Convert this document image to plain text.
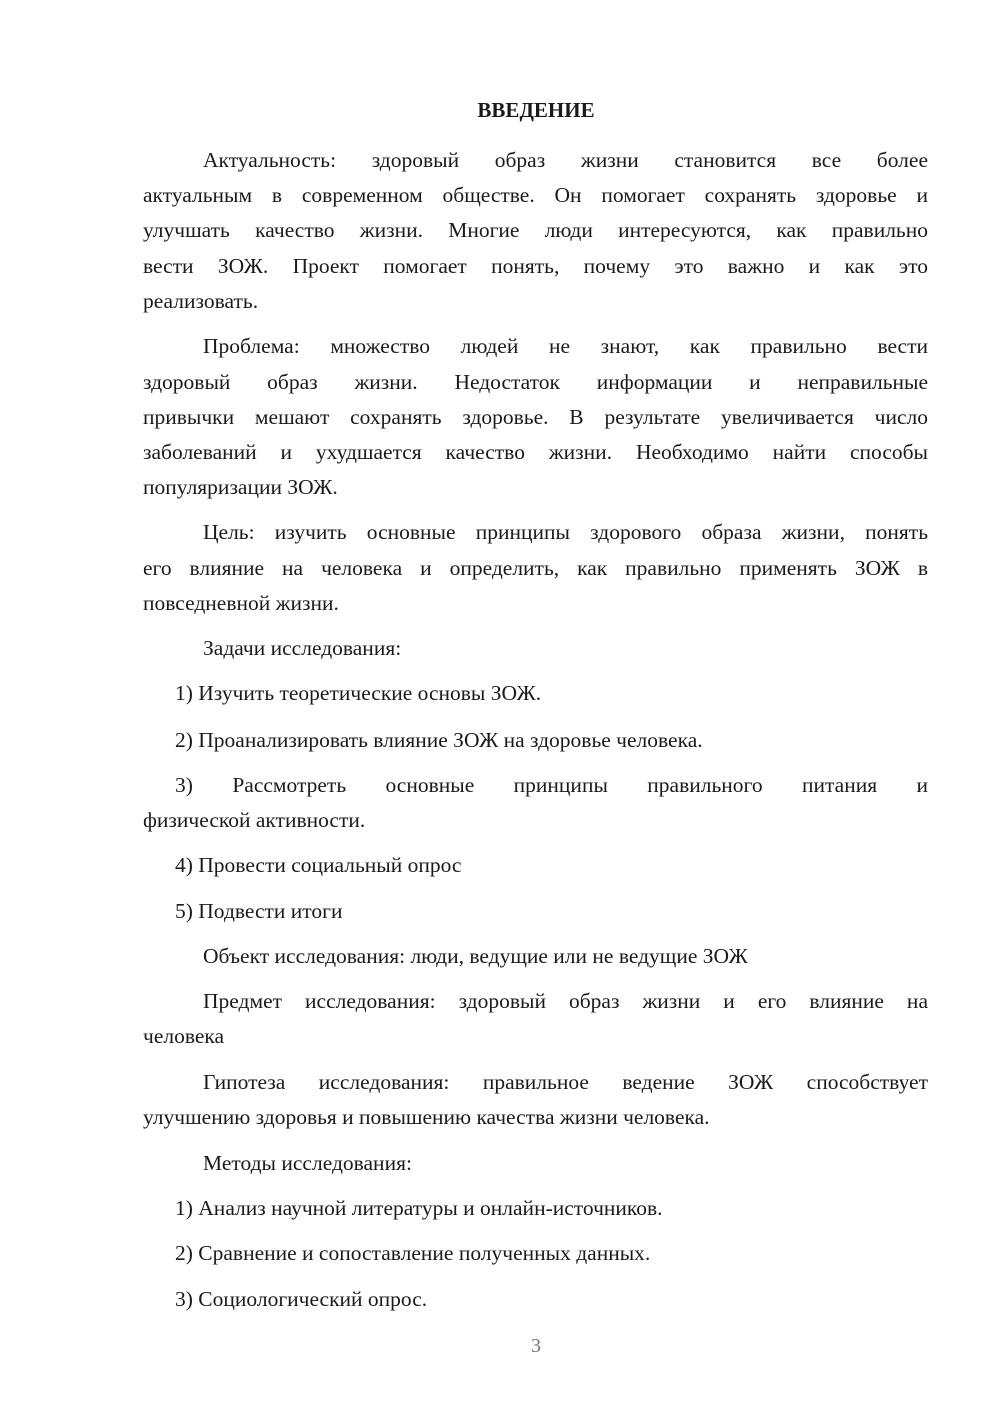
ВВЕДЕНИЕ
Актуальность: здоровый образ жизни становится все более
актуальным в современном обществе. Он помогает сохранять здоровье и
улучшать качество жизни. Многие люди интересуются, как правильно
вести ЗОЖ. Проект помогает понять, почему это важно и как это
реализовать.
Проблема: множество людей не знают, как правильно вести
здоровый образ жизни. Недостаток информации и неправильные
привычки мешают сохранять здоровье. В результате увеличивается число
заболеваний и ухудшается качество жизни. Необходимо найти способы
популяризации ЗОЖ.
Цель: изучить основные принципы здорового образа жизни, понять
его влияние на человека и определить, как правильно применять ЗОЖ в
повседневной жизни.
Задачи исследования:
1) Изучить теоретические основы ЗОЖ.
2) Проанализировать влияние ЗОЖ на здоровье человека.
3) Рассмотреть основные принципы правильного питания и
физической активности.
4) Провести социальный опрос
5) Подвести итоги
Объект исследования: люди, ведущие или не ведущие ЗОЖ
Предмет исследования: здоровый образ жизни и его влияние на
человека
Гипотеза исследования: правильное ведение ЗОЖ способствует
улучшению здоровья и повышению качества жизни человека.
Методы исследования:
1) Анализ научной литературы и онлайн-источников.
2) Сравнение и сопоставление полученных данных.
3) Социологический опрос.
3
